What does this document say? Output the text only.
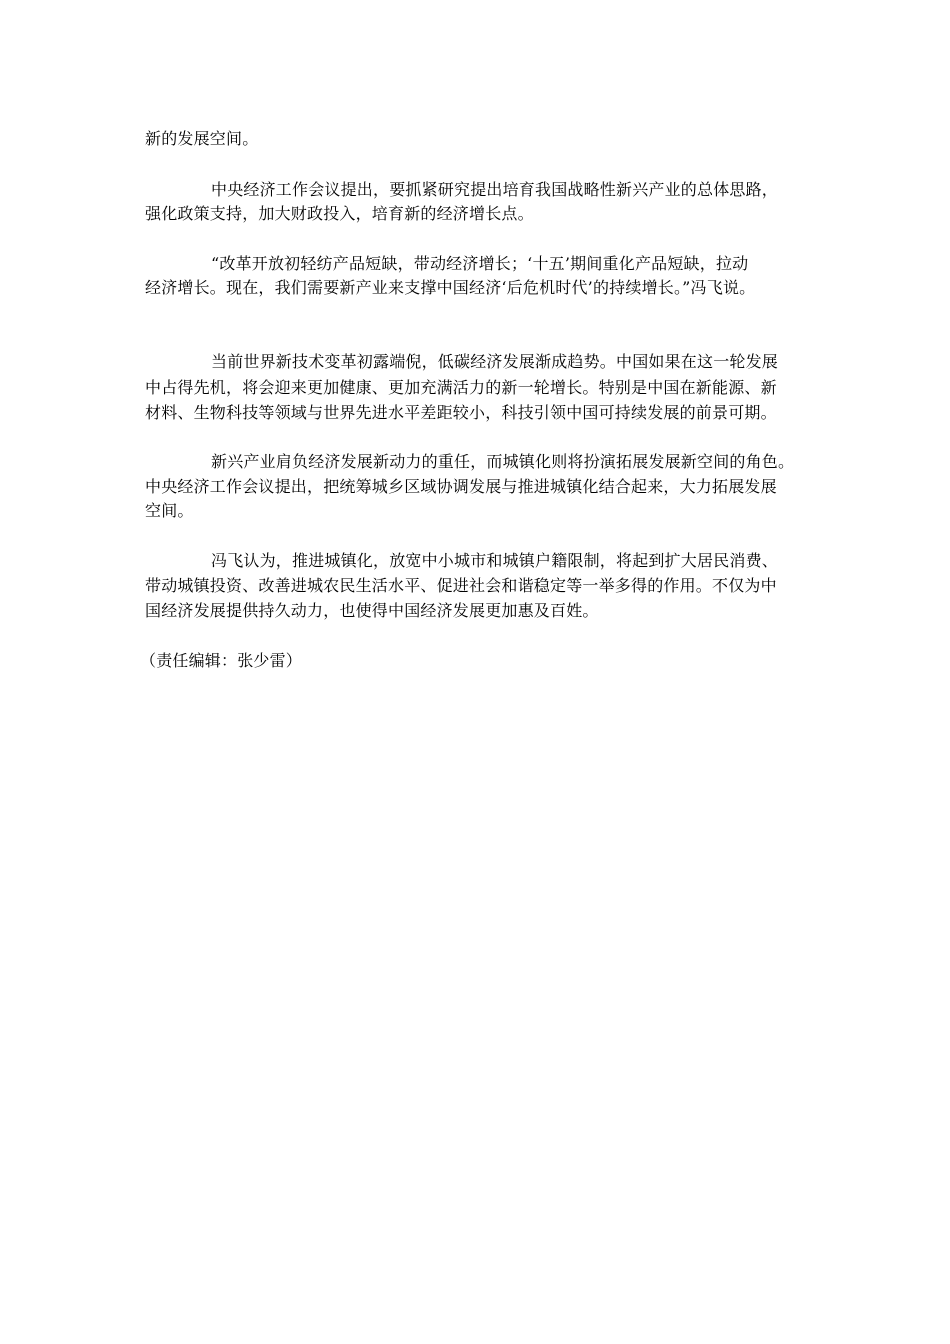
新的发展空间。
中央经济工作会议提出，要抓紧研究提出培育我国战略性新兴产业的总体思路，
强化政策支持，加大财政投入，培育新的经济增长点。
“改革开放初轻纺产品短缺，带动经济增长；‘十五’期间重化产品短缺，拉动
经济增长。现在，我们需要新产业来支撑中国经济‘后危机时代’的持续增长。”冯飞说。
当前世界新技术变革初露端倪，低碳经济发展渐成趋势。中国如果在这一轮发展
中占得先机，将会迎来更加健康、更加充满活力的新一轮增长。特别是中国在新能源、新
材料、生物科技等领域与世界先进水平差距较小，科技引领中国可持续发展的前景可期。
新兴产业肩负经济发展新动力的重任，而城镇化则将扮演拓展发展新空间的角色。
中央经济工作会议提出，把统筹城乡区域协调发展与推进城镇化结合起来，大力拓展发展
空间。
冯飞认为，推进城镇化，放宽中小城市和城镇户籍限制，将起到扩大居民消费、
带动城镇投资、改善进城农民生活水平、促进社会和谐稳定等一举多得的作用。不仅为中
国经济发展提供持久动力，也使得中国经济发展更加惠及百姓。
（责任编辑：张少雷）
